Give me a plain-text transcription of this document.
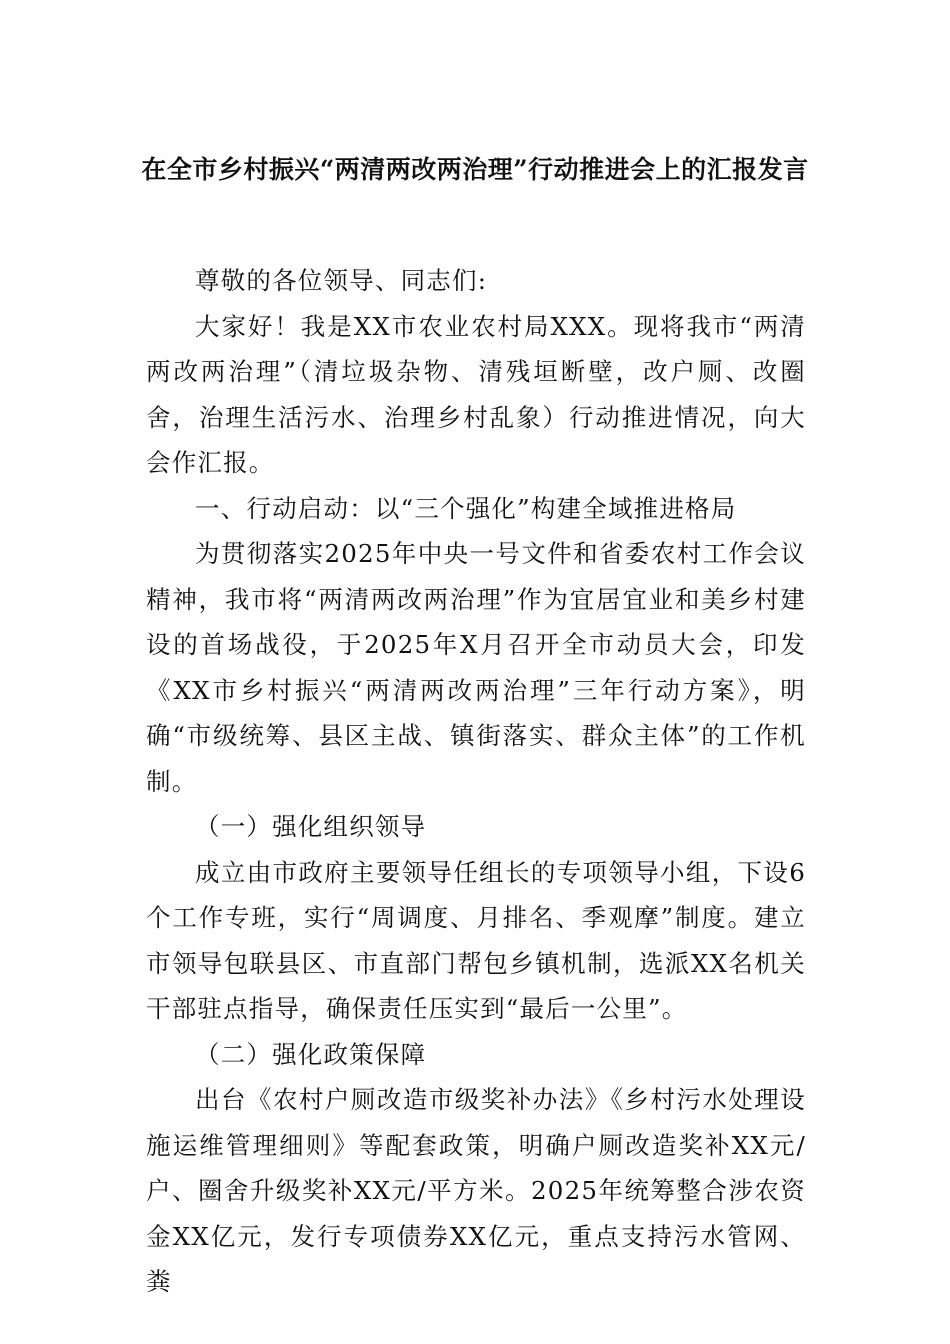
在全市乡村振兴“两清两改两治理”行动推进会上的汇报发言

尊敬的各位领导、同志们:

大家好！我是XX市农业农村局XXX。现将我市“两清两改两治理”（清垃圾杂物、清残垣断壁，改户厕、改圈舍，治理生活污水、治理乡村乱象）行动推进情况，向大会作汇报。

一、行动启动：以“三个强化”构建全域推进格局

为贯彻落实2025年中央一号文件和省委农村工作会议精神，我市将“两清两改两治理”作为宜居宜业和美乡村建设的首场战役，于2025年X月召开全市动员大会，印发《XX市乡村振兴“两清两改两治理”三年行动方案》，明确“市级统筹、县区主战、镇街落实、群众主体”的工作机制。

（一）强化组织领导

成立由市政府主要领导任组长的专项领导小组，下设6个工作专班，实行“周调度、月排名、季观摩”制度。建立市领导包联县区、市直部门帮包乡镇机制，选派XX名机关干部驻点指导，确保责任压实到“最后一公里”。

（二）强化政策保障

出台《农村户厕改造市级奖补办法》《乡村污水处理设施运维管理细则》等配套政策，明确户厕改造奖补XX元/户、圈舍升级奖补XX元/平方米。2025年统筹整合涉农资金XX亿元，发行专项债券XX亿元，重点支持污水管网、粪
